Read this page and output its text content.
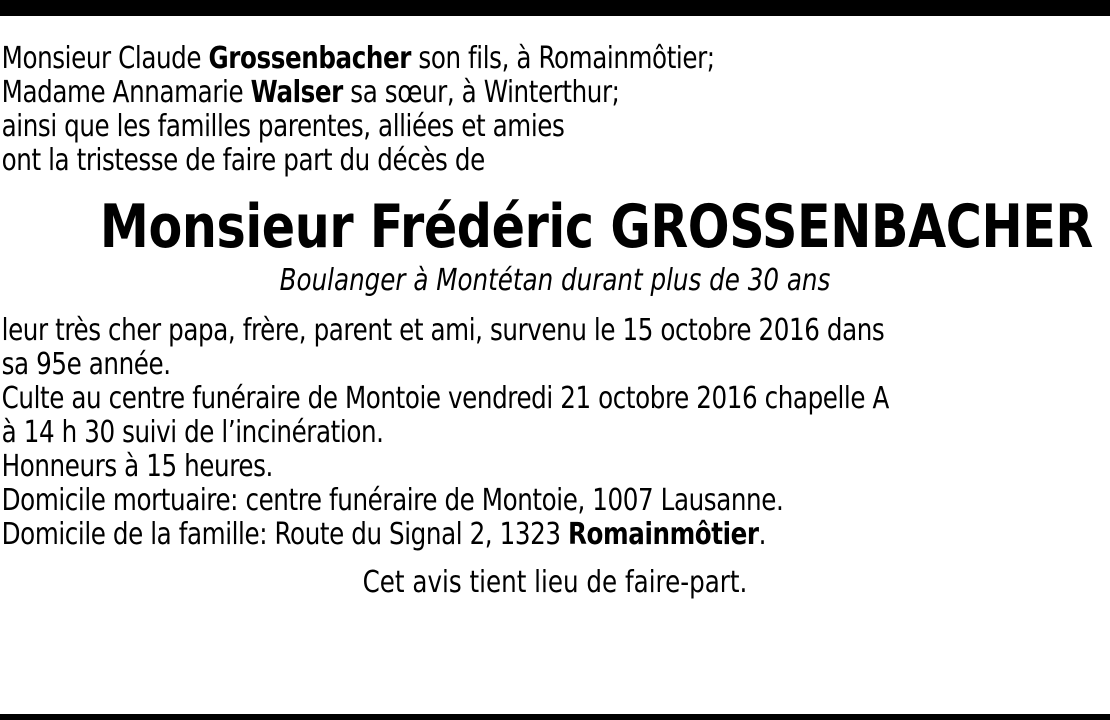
Monsieur Claude Grossenbacher son fils, à Romainmôtier;

Madame Annamarie Walser sa sœur, à Winterthur;

ainsi que les familles parentes, alliées et amies

ont la tristesse de faire part du décès de

Monsieur Frédéric GROSSENBACHER
Boulanger à Montétan durant plus de 30 ans

leur très cher papa, frère, parent et ami, survenu le 15 octobre 2016 dans

sa 95e année.

Culte au centre funéraire de Montoie vendredi 21 octobre 2016 chapelle A

à 14 h 30 suivi de l’incinération.

Honneurs à 15 heures.

Domicile mortuaire: centre funéraire de Montoie, 1007 Lausanne.

Domicile de la famille: Route du Signal 2, 1323 Romainmôtier.

Cet avis tient lieu de faire-part.
